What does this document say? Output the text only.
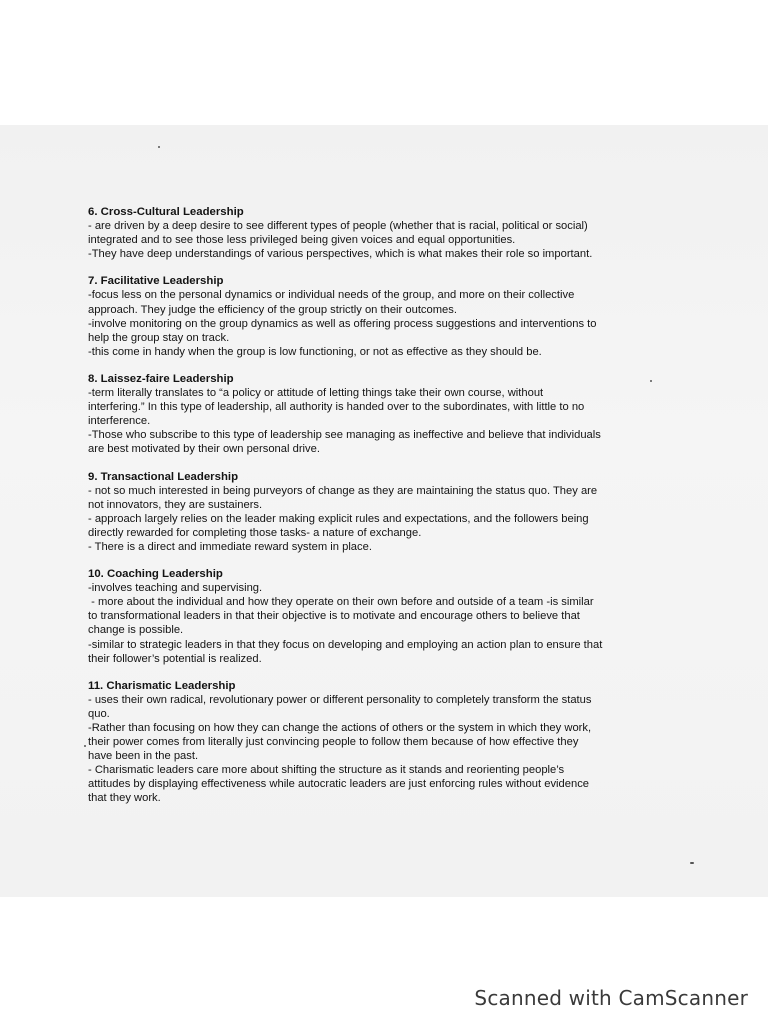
6. Cross-Cultural Leadership

- are driven by a deep desire to see different types of people (whether that is racial, political or social)

integrated and to see those less privileged being given voices and equal opportunities.

-They have deep understandings of various perspectives, which is what makes their role so important.

7. Facilitative Leadership

-focus less on the personal dynamics or individual needs of the group, and more on their collective

approach. They judge the efficiency of the group strictly on their outcomes.

-involve monitoring on the group dynamics as well as offering process suggestions and interventions to

help the group stay on track.

-this come in handy when the group is low functioning, or not as effective as they should be.

8. Laissez-faire Leadership

-term literally translates to “a policy or attitude of letting things take their own course, without

interfering.” In this type of leadership, all authority is handed over to the subordinates, with little to no

interference.

-Those who subscribe to this type of leadership see managing as ineffective and believe that individuals

are best motivated by their own personal drive.

9. Transactional Leadership

- not so much interested in being purveyors of change as they are maintaining the status quo. They are

not innovators, they are sustainers.

- approach largely relies on the leader making explicit rules and expectations, and the followers being

directly rewarded for completing those tasks- a nature of exchange.

- There is a direct and immediate reward system in place.

10. Coaching Leadership

-involves teaching and supervising.

- more about the individual and how they operate on their own before and outside of a team -is similar

to transformational leaders in that their objective is to motivate and encourage others to believe that

change is possible.

-similar to strategic leaders in that they focus on developing and employing an action plan to ensure that

their follower’s potential is realized.

11. Charismatic Leadership

- uses their own radical, revolutionary power or different personality to completely transform the status

quo.

-Rather than focusing on how they can change the actions of others or the system in which they work,

their power comes from literally just convincing people to follow them because of how effective they

have been in the past.

- Charismatic leaders care more about shifting the structure as it stands and reorienting people’s

attitudes by displaying effectiveness while autocratic leaders are just enforcing rules without evidence

that they work.

Scanned with CamScanner
